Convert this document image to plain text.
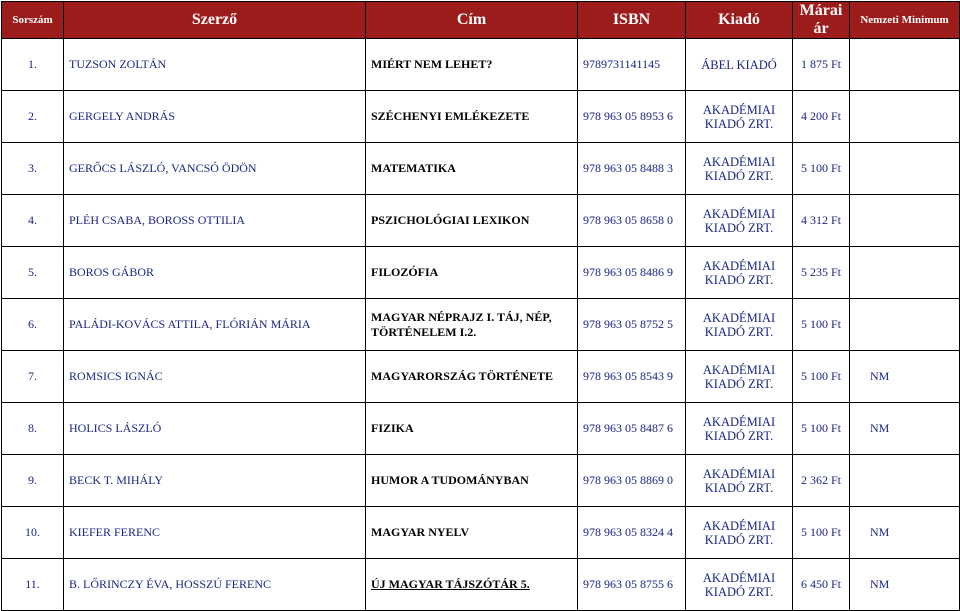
Sorszám	Szerző	Cím	ISBN	Kiadó	Márai ár	Nemzeti Minimum
1.	TUZSON ZOLTÁN	MIÉRT NEM LEHET?	9789731141145	ÁBEL KIADÓ	1 875 Ft	
2.	GERGELY ANDRÁS	SZÉCHENYI EMLÉKEZETE	978 963 05 8953 6	AKADÉMIAI KIADÓ ZRT.	4 200 Ft	
3.	GERŐCS LÁSZLÓ, VANCSÓ ÖDÖN	MATEMATIKA	978 963 05 8488 3	AKADÉMIAI KIADÓ ZRT.	5 100 Ft	
4.	PLÉH CSABA, BOROSS OTTILIA	PSZICHOLÓGIAI LEXIKON	978 963 05 8658 0	AKADÉMIAI KIADÓ ZRT.	4 312 Ft	
5.	BOROS GÁBOR	FILOZÓFIA	978 963 05 8486 9	AKADÉMIAI KIADÓ ZRT.	5 235 Ft	
6.	PALÁDI-KOVÁCS ATTILA, FLÓRIÁN MÁRIA	MAGYAR NÉPRAJZ I. TÁJ, NÉP, TÖRTÉNELEM I.2.	978 963 05 8752 5	AKADÉMIAI KIADÓ ZRT.	5 100 Ft	
7.	ROMSICS IGNÁC	MAGYARORSZÁG TÖRTÉNETE	978 963 05 8543 9	AKADÉMIAI KIADÓ ZRT.	5 100 Ft	NM
8.	HOLICS LÁSZLÓ	FIZIKA	978 963 05 8487 6	AKADÉMIAI KIADÓ ZRT.	5 100 Ft	NM
9.	BECK T. MIHÁLY	HUMOR A TUDOMÁNYBAN	978 963 05 8869 0	AKADÉMIAI KIADÓ ZRT.	2 362 Ft	
10.	KIEFER FERENC	MAGYAR NYELV	978 963 05 8324 4	AKADÉMIAI KIADÓ ZRT.	5 100 Ft	NM
11.	B. LŐRINCZY ÉVA, HOSSZÚ FERENC	ÚJ MAGYAR TÁJSZÓTÁR 5.	978 963 05 8755 6	AKADÉMIAI KIADÓ ZRT.	6 450 Ft	NM
